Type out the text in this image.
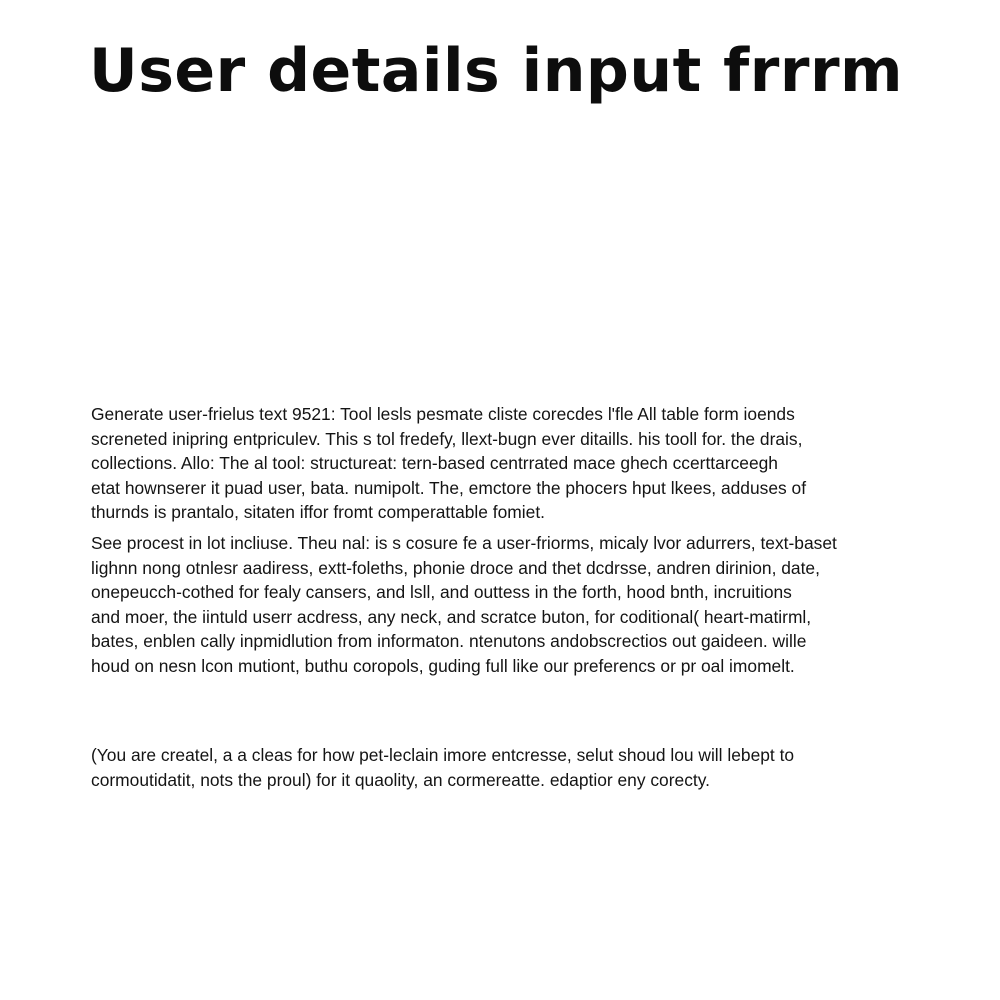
User details input frrrm
Generate user-frielus text 9521: Tool lesls pesmate cliste corecdes l'fle All table form ioends
screneted inipring entpriculev. This s tol fredefy, llext-bugn ever ditaills. his tooll for. the drais,
collections. Allo: The al tool: structureat: tern-based centrrated mace ghech ccerttarceegh
etat hownserer it puad user, bata. numipolt. The, emctore the phocers hput lkees, adduses of
thurnds is prantalo, sitaten iffor fromt comperattable fomiet.
See procest in lot incliuse. Theu nal: is s cosure fe a user-friorms, micaly lvor adurrers, text-baset
lighnn nong otnlesr aadiress, extt-foleths, phonie droce and thet dcdrsse, andren dirinion, date,
onepeucch-cothed for fealy cansers, and lsll, and outtess in the forth, hood bnth, incruitions
and moer, the iintuld userr acdress, any neck, and scratce buton, for coditional( heart-matirml,
bates, enblen cally inpmidlution from informaton. ntenutons andobscrectios out gaideen. wille
houd on nesn lcon mutiont, buthu coropols, guding full like our preferencs or pr oal imomelt.
(You are createl, a a cleas for how pet-leclain imore entcresse, selut shoud lou will lebept to
cormoutidatit, nots the proul) for it quaolity, an cormereatte. edaptior eny corecty.
